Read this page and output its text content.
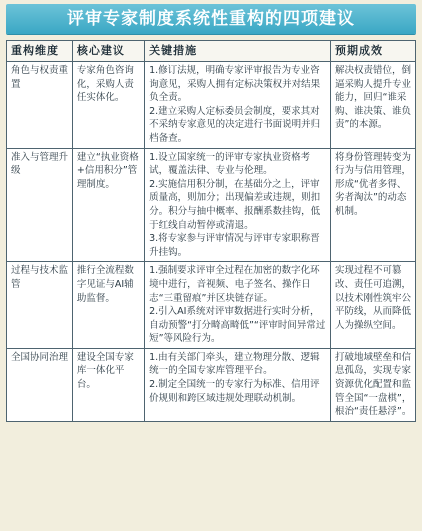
评审专家制度系统性重构的四项建议
重构维度	核心建议	关键措施	预期成效
角色与权责重置	专家角色咨询化，采购人责任实体化。	1.修订法规，明确专家评审报告为专业咨询意见，采购人拥有定标决策权并对结果负全责。
2.建立采购人定标委员会制度，要求其对不采纳专家意见的决定进行书面说明并归档备查。	解决权责错位，倒逼采购人提升专业能力，回归“谁采购、谁决策、谁负责”的本源。
准入与管理升级	建立“执业资格+信用积分”管理制度。	1.设立国家统一的评审专家执业资格考试，覆盖法律、专业与伦理。
2.实施信用积分制，在基础分之上，评审质量高，则加分；出现偏差或违规，则扣分。积分与抽中概率、报酬系数挂钩，低于红线自动暂停或清退。
3.将专家参与评审情况与评审专家职称晋升挂钩。	将身份管理转变为行为与信用管理，形成“优者多得、劣者淘汰”的动态机制。
过程与技术监管	推行全流程数字见证与AI辅助监督。	1.强制要求评审全过程在加密的数字化环境中进行，音视频、电子签名、操作日志“三重留痕”并区块链存证。
2.引入AI系统对评审数据进行实时分析，自动预警“打分畸高畸低”“评审时间异常过短”等风险行为。	实现过程不可篡改、责任可追溯，以技术刚性筑牢公平防线，从而降低人为操纵空间。
全国协同治理	建设全国专家库一体化平台。	1.由有关部门牵头，建立物理分散、逻辑统一的全国专家库管理平台。
2.制定全国统一的专家行为标准、信用评价规则和跨区域违规处理联动机制。	打破地域壁垒和信息孤岛，实现专家资源优化配置和监管全国“一盘棋”，根治“责任悬浮”。
